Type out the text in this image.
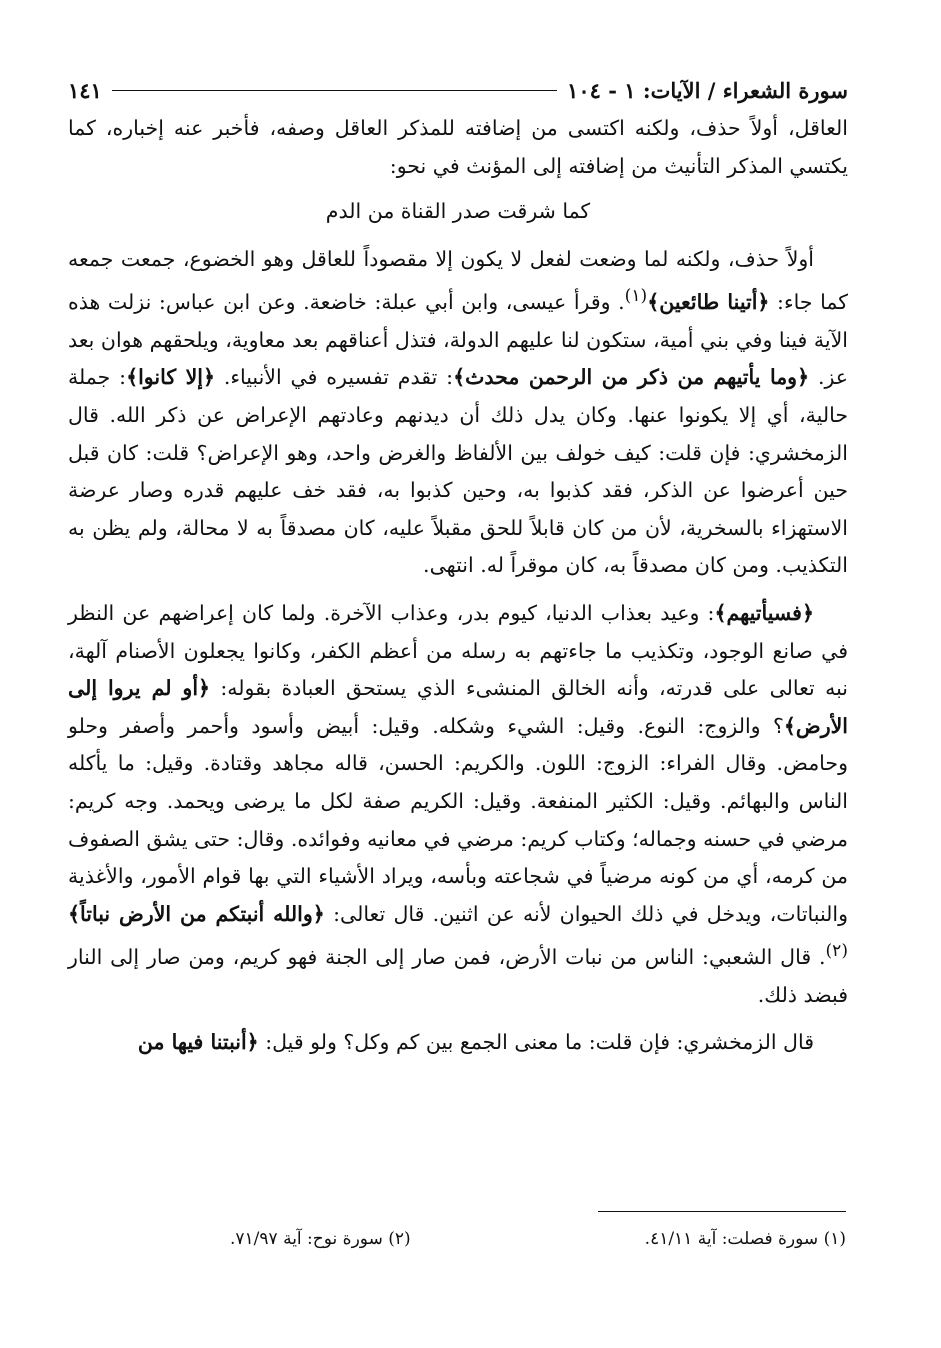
سورة الشعراء / الآيات: ١ - ١٠٤
١٤١

العاقل، أولاً حذف، ولكنه اكتسى من إضافته للمذكر العاقل وصفه، فأخبر عنه إخباره، كما يكتسي المذكر التأنيث من إضافته إلى المؤنث في نحو:

كما شرقت صدر القناة من الدم

أولاً حذف، ولكنه لما وضعت لفعل لا يكون إلا مقصوداً للعاقل وهو الخضوع، جمعت جمعه كما جاء: ﴿أتينا طائعين﴾$^{(١)}$. وقرأ عيسى، وابن أبي عبلة: خاضعة. وعن ابن عباس: نزلت هذه الآية فينا وفي بني أمية، ستكون لنا عليهم الدولة، فتذل أعناقهم بعد معاوية، ويلحقهم هوان بعد عز. ﴿وما يأتيهم من ذكر من الرحمن محدث﴾: تقدم تفسيره في الأنبياء. ﴿إلا كانوا﴾: جملة حالية، أي إلا يكونوا عنها. وكان يدل ذلك أن ديدنهم وعادتهم الإعراض عن ذكر الله. قال الزمخشري: فإن قلت: كيف خولف بين الألفاظ والغرض واحد، وهو الإعراض؟ قلت: كان قبل حين أعرضوا عن الذكر، فقد كذبوا به، وحين كذبوا به، فقد خف عليهم قدره وصار عرضة الاستهزاء بالسخرية، لأن من كان قابلاً للحق مقبلاً عليه، كان مصدقاً به لا محالة، ولم يظن به التكذيب. ومن كان مصدقاً به، كان موقراً له. انتهى.

﴿فسيأتيهم﴾: وعيد بعذاب الدنيا، كيوم بدر، وعذاب الآخرة. ولما كان إعراضهم عن النظر في صانع الوجود، وتكذيب ما جاءتهم به رسله من أعظم الكفر، وكانوا يجعلون الأصنام آلهة، نبه تعالى على قدرته، وأنه الخالق المنشىء الذي يستحق العبادة بقوله: ﴿أو لم يروا إلى الأرض﴾؟ والزوج: النوع. وقيل: الشيء وشكله. وقيل: أبيض وأسود وأحمر وأصفر وحلو وحامض. وقال الفراء: الزوج: اللون. والكريم: الحسن، قاله مجاهد وقتادة. وقيل: ما يأكله الناس والبهائم. وقيل: الكثير المنفعة. وقيل: الكريم صفة لكل ما يرضى ويحمد. وجه كريم: مرضي في حسنه وجماله؛ وكتاب كريم: مرضي في معانيه وفوائده. وقال: حتى يشق الصفوف من كرمه، أي من كونه مرضياً في شجاعته وبأسه، ويراد الأشياء التي بها قوام الأمور، والأغذية والنباتات، ويدخل في ذلك الحيوان لأنه عن اثنين. قال تعالى: ﴿والله أنبتكم من الأرض نباتاً﴾$^{(٢)}$. قال الشعبي: الناس من نبات الأرض، فمن صار إلى الجنة فهو كريم، ومن صار إلى النار فبضد ذلك.

قال الزمخشري: فإن قلت: ما معنى الجمع بين كم وكل؟ ولو قيل: ﴿أنبتنا فيها من

(١) سورة فصلت: آية ٤١/١١.
(٢) سورة نوح: آية ٧١/٩٧.
